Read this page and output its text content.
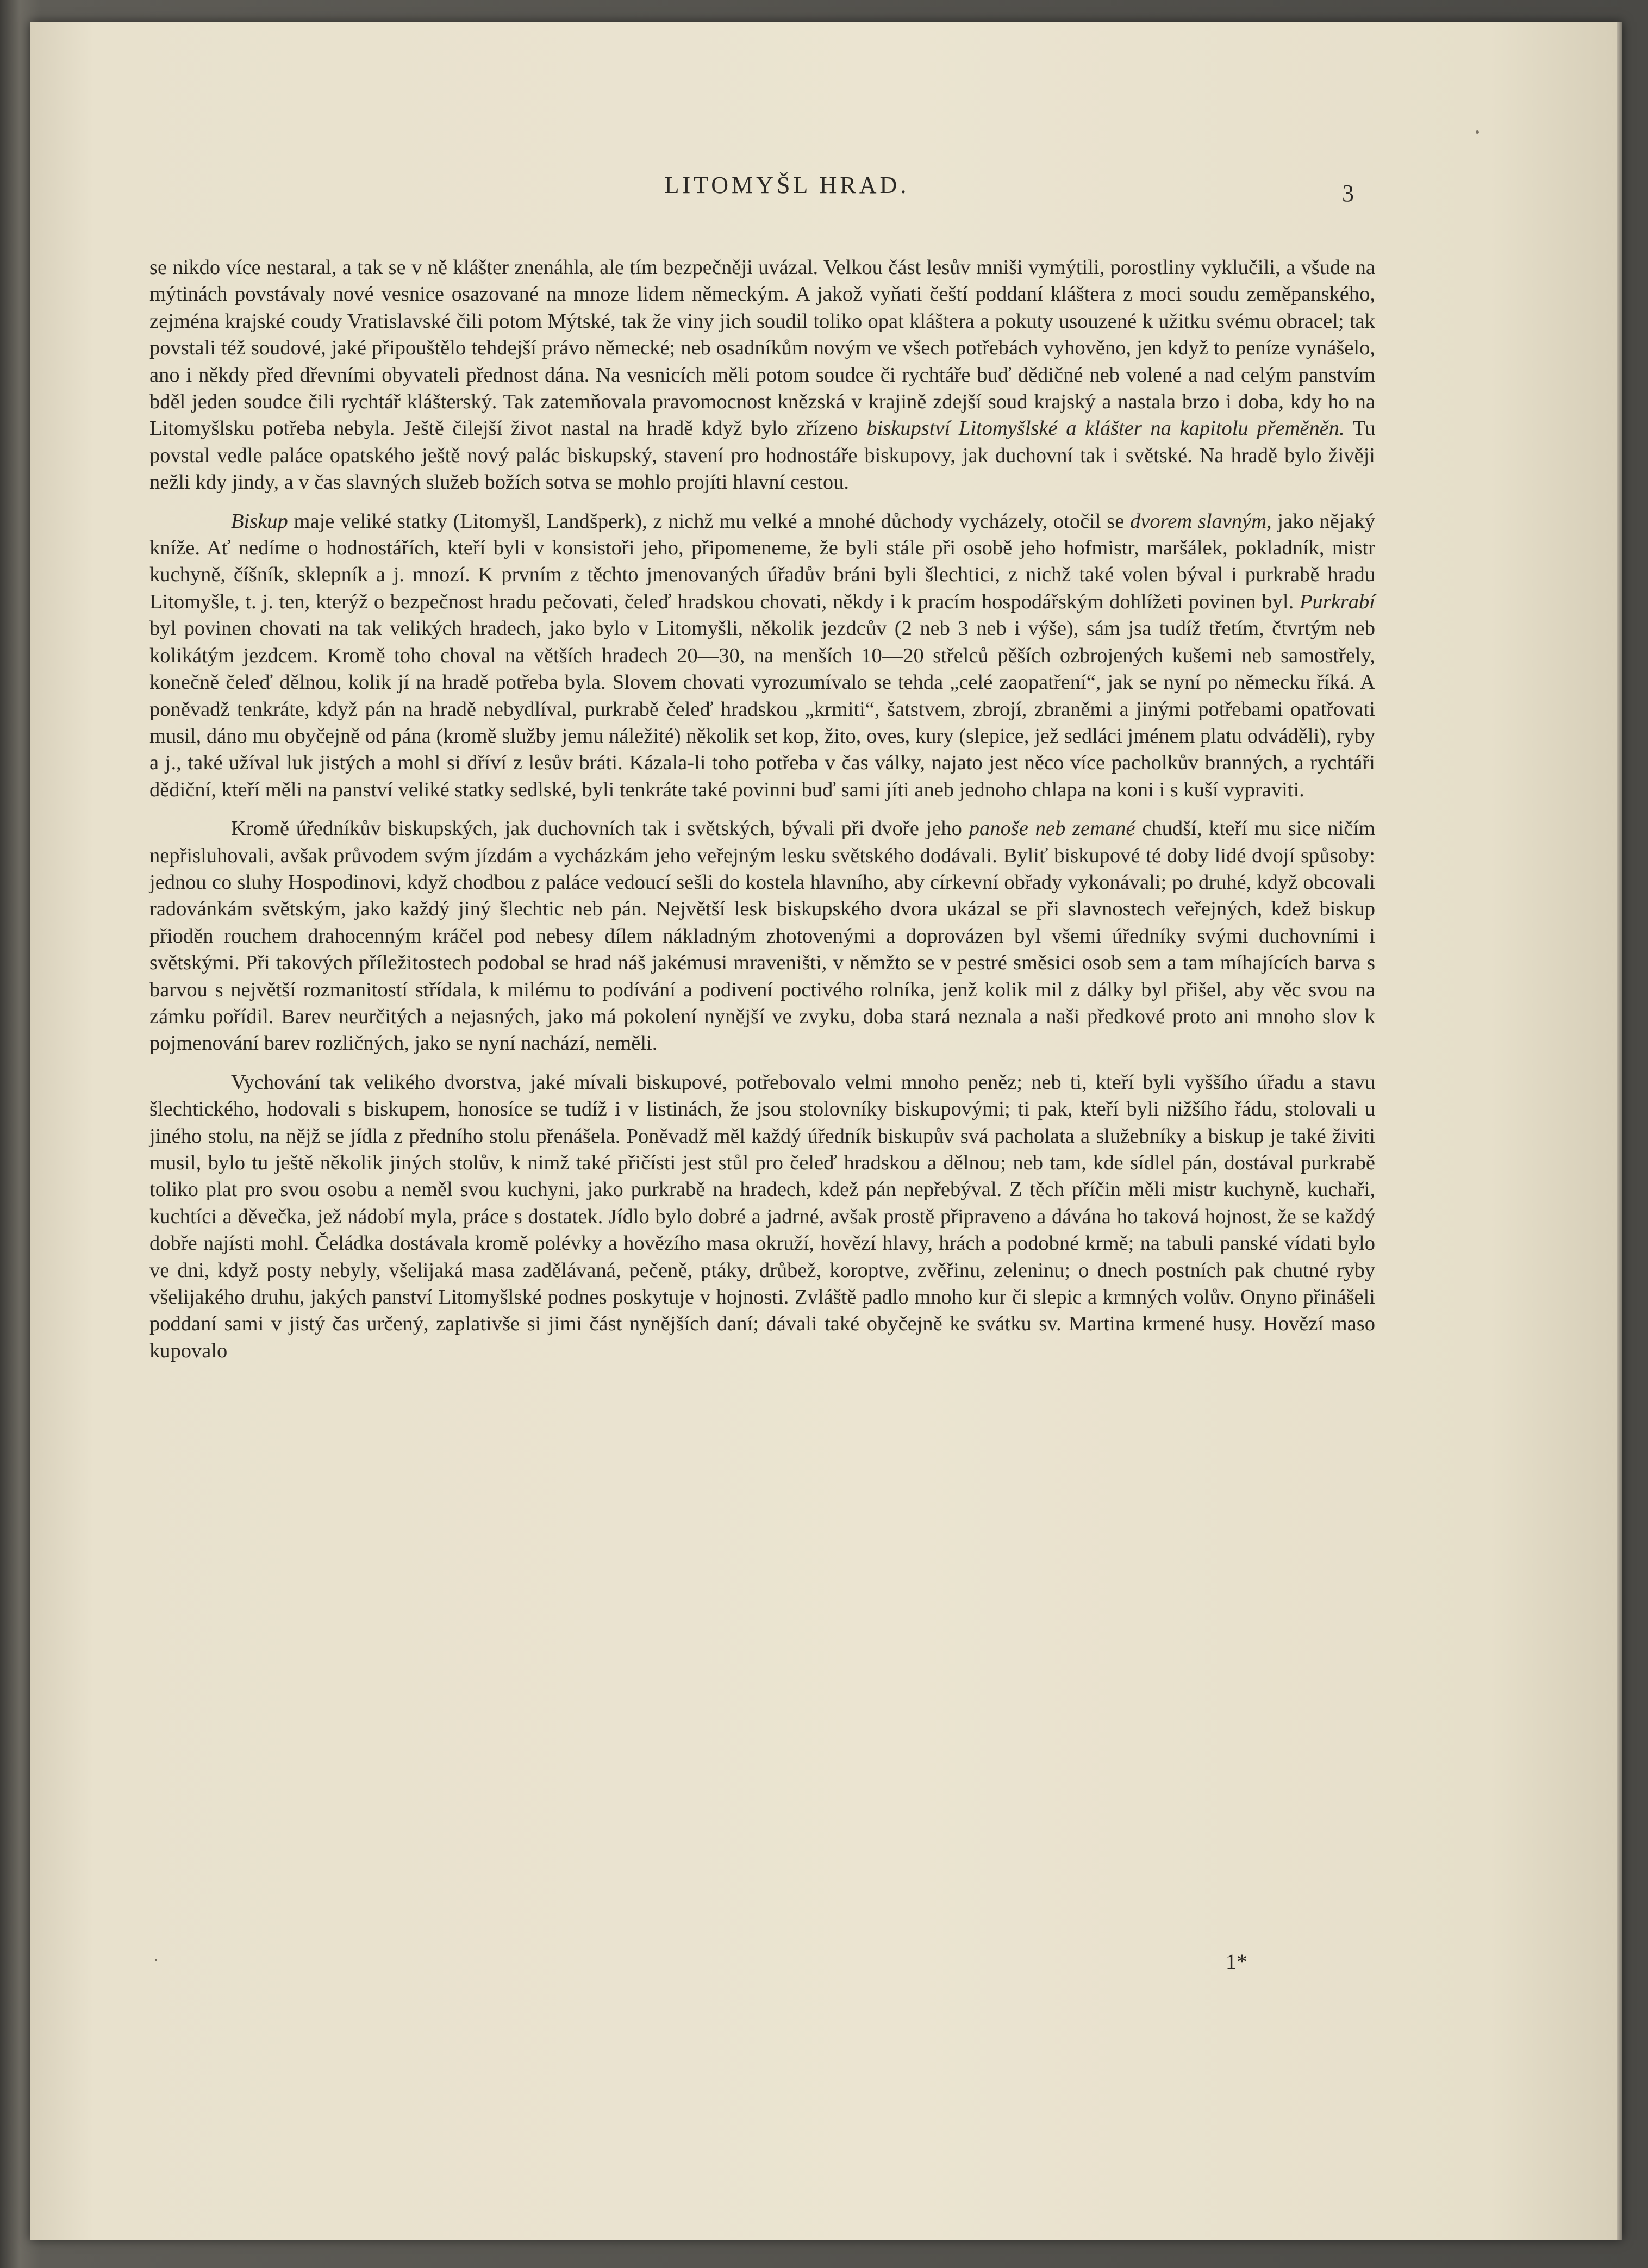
LITOMYŠL HRAD.	3

se nikdo více nestaral, a tak se v ně klášter znenáhla, ale tím bezpečněji uvázal. Velkou část lesův mniši vymýtili, porostliny vyklučili, a všude na mýtinách povstávaly nové vesnice osazované na mnoze lidem německým. A jakož vyňati čeští poddaní kláštera z moci soudu zeměpanského, zejména krajské coudy Vratislavské čili potom Mýtské, tak že viny jich soudil toliko opat kláštera a pokuty usouzené k užitku svému obracel; tak povstali též soudové, jaké připouštělo tehdejší právo německé; neb osadníkům novým ve všech potřebách vyhověno, jen když to peníze vynášelo, ano i někdy před dřevními obyvateli přednost dána. Na vesnicích měli potom soudce či rychtáře buď dědičné neb volené a nad celým panstvím bděl jeden soudce čili rychtář klášterský. Tak zatemňovala pravomocnost knězská v krajině zdejší soud krajský a nastala brzo i doba, kdy ho na Litomyšlsku potřeba nebyla. Ještě čilejší život nastal na hradě když bylo zřízeno biskupství Litomyšlské a klášter na kapitolu přeměněn. Tu povstal vedle paláce opatského ještě nový palác biskupský, stavení pro hodnostáře biskupovy, jak duchovní tak i světské. Na hradě bylo živěji nežli kdy jindy, a v čas slavných služeb božích sotva se mohlo projíti hlavní cestou.

Biskup maje veliké statky (Litomyšl, Landšperk), z nichž mu velké a mnohé důchody vycházely, otočil se dvorem slavným, jako nějaký kníže. Ať nedíme o hodnostářích, kteří byli v konsistoři jeho, připomeneme, že byli stále při osobě jeho hofmistr, maršálek, pokladník, mistr kuchyně, číšník, sklepník a j. mnozí. K prvním z těchto jmenovaných úřadův bráni byli šlechtici, z nichž také volen býval i purkrabě hradu Litomyšle, t. j. ten, kterýž o bezpečnost hradu pečovati, čeleď hradskou chovati, někdy i k pracím hospodářským dohlížeti povinen byl. Purkrabí byl povinen chovati na tak velikých hradech, jako bylo v Litomyšli, několik jezdcův (2 neb 3 neb i výše), sám jsa tudíž třetím, čtvrtým neb kolikátým jezdcem. Kromě toho choval na větších hradech 20—30, na menších 10—20 střelců pěších ozbrojených kušemi neb samostřely, konečně čeleď dělnou, kolik jí na hradě potřeba byla. Slovem chovati vyrozumívalo se tehda „celé zaopatření“, jak se nyní po německu říká. A poněvadž tenkráte, když pán na hradě nebydlíval, purkrabě čeleď hradskou „krmiti“, šatstvem, zbrojí, zbraněmi a jinými potřebami opatřovati musil, dáno mu obyčejně od pána (kromě služby jemu náležité) několik set kop, žito, oves, kury (slepice, jež sedláci jménem platu odváděli), ryby a j., také užíval luk jistých a mohl si dříví z lesův bráti. Kázala-li toho potřeba v čas války, najato jest něco více pacholkův branných, a rychtáři dědiční, kteří měli na panství veliké statky sedlské, byli tenkráte také povinni buď sami jíti aneb jednoho chlapa na koni i s kuší vypraviti.

Kromě úředníkův biskupských, jak duchovních tak i světských, bývali při dvoře jeho panoše neb zemané chudší, kteří mu sice ničím nepřisluhovali, avšak průvodem svým jízdám a vycházkám jeho veřejným lesku světského dodávali. Byliť biskupové té doby lidé dvojí spůsoby: jednou co sluhy Hospodinovi, když chodbou z paláce vedoucí sešli do kostela hlavního, aby církevní obřady vykonávali; po druhé, když obcovali radovánkám světským, jako každý jiný šlechtic neb pán. Největší lesk biskupského dvora ukázal se při slavnostech veřejných, kdež biskup přioděn rouchem drahocenným kráčel pod nebesy dílem nákladným zhotovenými a doprovázen byl všemi úředníky svými duchovními i světskými. Při takových příležitostech podobal se hrad náš jakémusi mraveništi, v němžto se v pestré směsici osob sem a tam míhajících barva s barvou s největší rozmanitostí střídala, k milému to podívání a podivení poctivého rolníka, jenž kolik mil z dálky byl přišel, aby věc svou na zámku pořídil. Barev neurčitých a nejasných, jako má pokolení nynější ve zvyku, doba stará neznala a naši předkové proto ani mnoho slov k pojmenování barev rozličných, jako se nyní nachází, neměli.

Vychování tak velikého dvorstva, jaké mívali biskupové, potřebovalo velmi mnoho peněz; neb ti, kteří byli vyššího úřadu a stavu šlechtického, hodovali s biskupem, honosíce se tudíž i v listinách, že jsou stolovníky biskupovými; ti pak, kteří byli nižšího řádu, stolovali u jiného stolu, na nějž se jídla z předního stolu přenášela. Poněvadž měl každý úředník biskupův svá pacholata a služebníky a biskup je také živiti musil, bylo tu ještě několik jiných stolův, k nimž také přičísti jest stůl pro čeleď hradskou a dělnou; neb tam, kde sídlel pán, dostával purkrabě toliko plat pro svou osobu a neměl svou kuchyni, jako purkrabě na hradech, kdež pán nepřebýval. Z těch příčin měli mistr kuchyně, kuchaři, kuchtíci a děvečka, jež nádobí myla, práce s dostatek. Jídlo bylo dobré a jadrné, avšak prostě připraveno a dávána ho taková hojnost, že se každý dobře najísti mohl. Čeládka dostávala kromě polévky a hovězího masa okruží, hovězí hlavy, hrách a podobné krmě; na tabuli panské vídati bylo ve dni, když posty nebyly, všelijaká masa zadělávaná, pečeně, ptáky, drůbež, koroptve, zvěřinu, zeleninu; o dnech postních pak chutné ryby všelijakého druhu, jakých panství Litomyšlské podnes poskytuje v hojnosti. Zvláště padlo mnoho kur či slepic a krmných volův. Onyno přinášeli poddaní sami v jistý čas určený, zaplativše si jimi část nynějších daní; dávali také obyčejně ke svátku sv. Martina krmené husy. Hovězí maso kupovalo

1*
